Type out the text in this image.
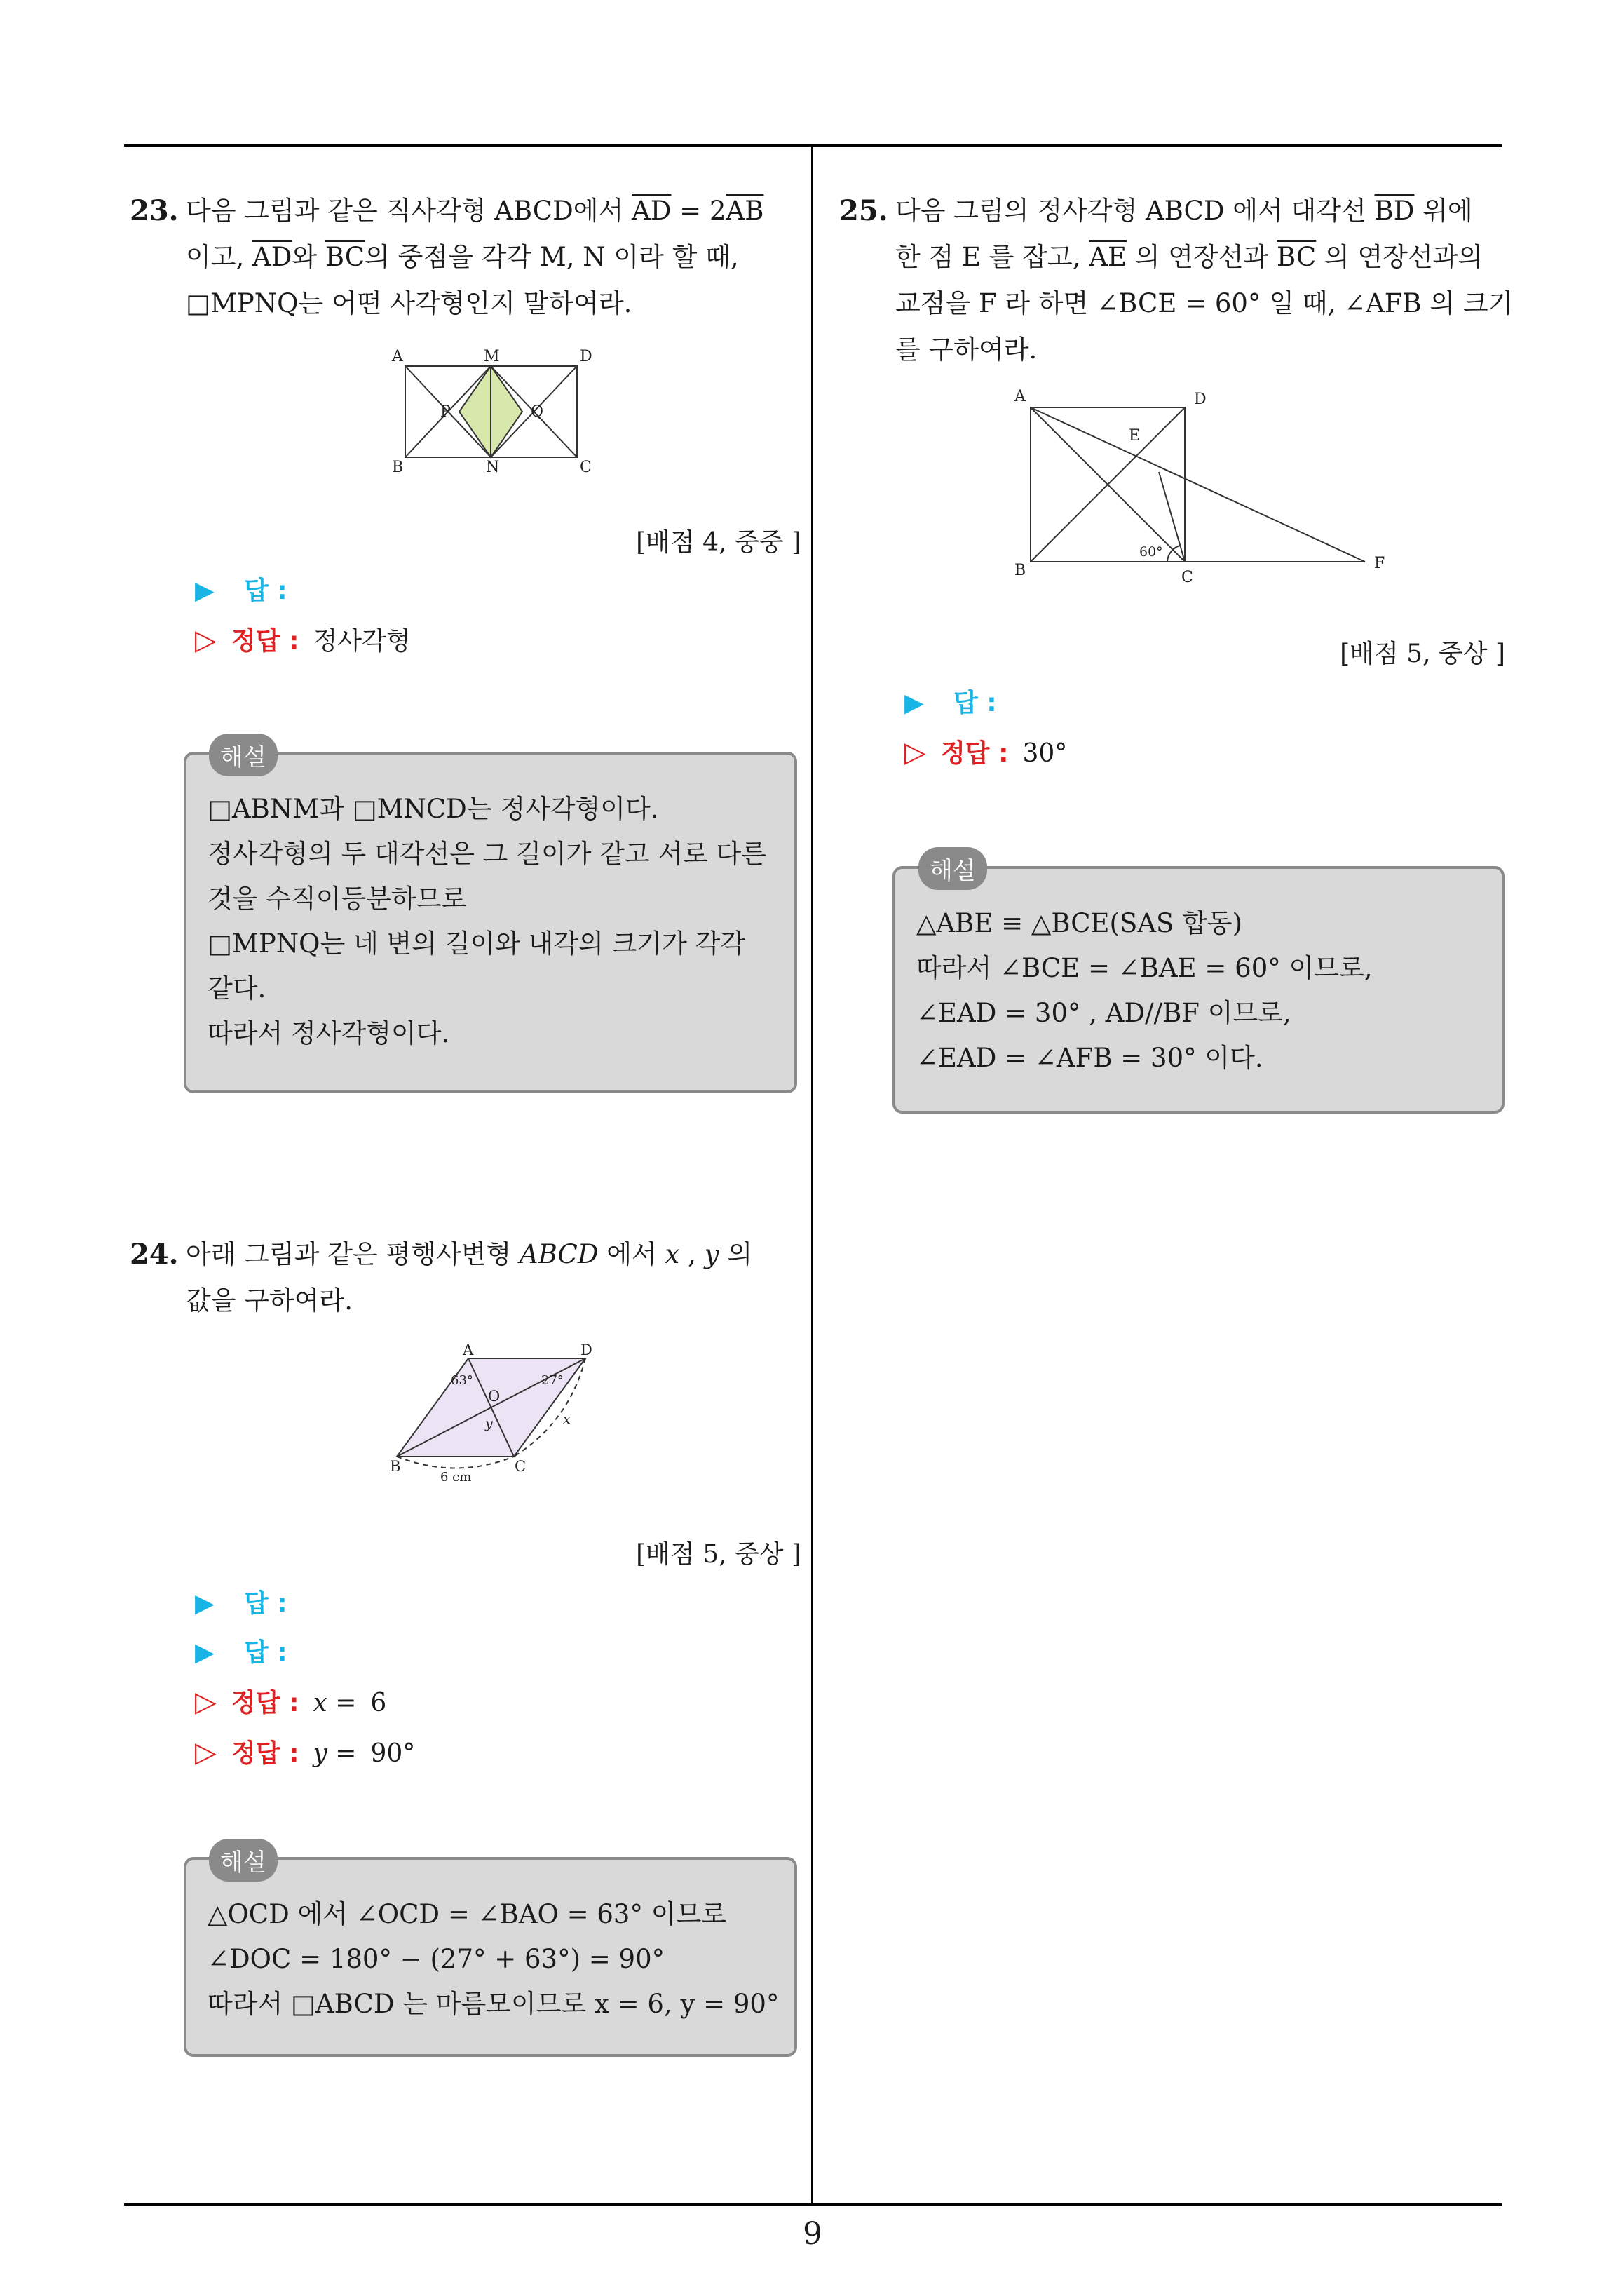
9
23. 다음 그림과 같은 직사각형 ABCD에서 $\overline{AD} = 2\overline{AB}$
이고, $\overline{AD}$와 $\overline{BC}$의 중점을 각각 M, N 이라 할 때,
□MPNQ는 어떤 사각형인지 말하여라.
A	M	D
P	Q
B	N	C
[배점 4, 중중 ]
▶ 답 :
▷ 정답 : 정사각형
□ABNM과 □MNCD는 정사각형이다.
정사각형의 두 대각선은 그 길이가 같고 서로 다른
것을 수직이등분하므로
□MPNQ는 네 변의 길이와 내각의 크기가 각각
같다.
따라서 정사각형이다.
해설
24. 아래 그림과 같은 평행사변형 ABCD 에서 x , y 의
값을 구하여라.
A	D
O
B	C
63°	27°
x
y
6 cm
[배점 5, 중상 ]
▶ 답 :
▶ 답 :
▷ 정답 : x = 6
▷ 정답 : y = 90°
△OCD 에서 ∠OCD = ∠BAO = 63° 이므로
∠DOC = 180° − (27° + 63°) = 90°
따라서 □ABCD 는 마름모이므로 x = 6, y = 90°
해설
25. 다음 그림의 정사각형 ABCD 에서 대각선 $\overline{BD}$ 위에
한 점 E 를 잡고, $\overline{AE}$ 의 연장선과 $\overline{BC}$ 의 연장선과의
교점을 F 라 하면 ∠BCE = 60° 일 때, ∠AFB 의 크기
를 구하여라.
A	D
E
B	C
F
60°
[배점 5, 중상 ]
▶ 답 :
▷ 정답 : 30°
△ABE ≡ △BCE(SAS 합동)
따라서 ∠BCE = ∠BAE = 60° 이므로,
∠EAD = 30° , AD//BF 이므로,
∠EAD = ∠AFB = 30° 이다.
해설
